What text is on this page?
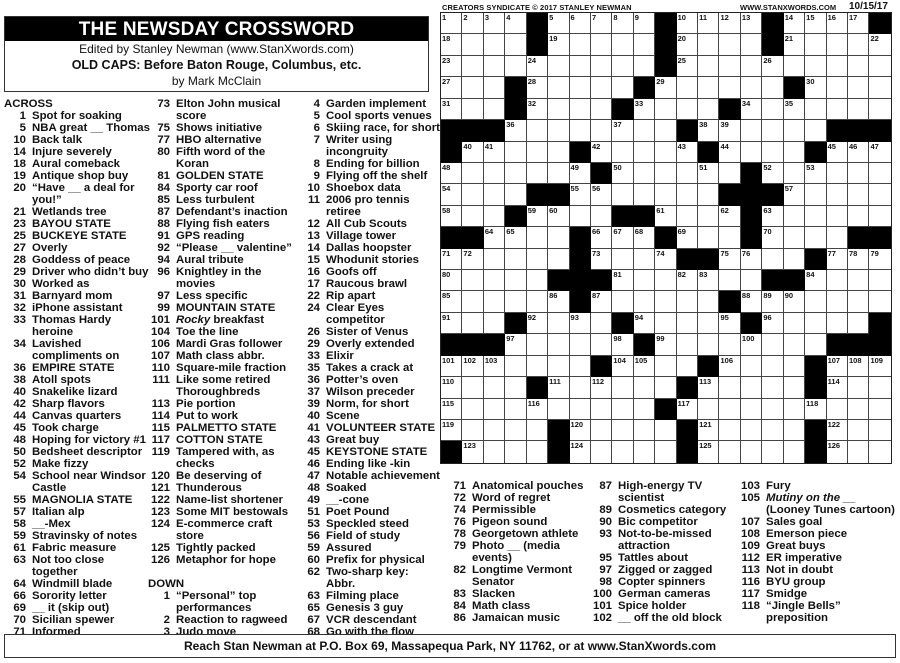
THE NEWSDAY CROSSWORD
Edited by Stanley Newman (www.StanXwords.com)
OLD CAPS: Before Baton Rouge, Columbus, etc.
by Mark McClain
CREATORS SYNDICATE © 2017 STANLEY NEWMAN	WWW.STANXWORDS.COM 10/15/17
1 2 3 4	5 6 7 8 9	10 11 12 13	14 15 16 17
18	19	20	21	22
23	24	25	26
27	28	29	30
31	32	33	34	35
36	37	38 39
40 41	42	43	44	45 46 47
48	49	50	51	52	53
54	55 56	57
58	59 60	61	62	63
64 65	66 67 68	69	70
71 72	73	74	75 76	77 78 79
80	81	82 83	84
85	86	87	88 89 90
91	92	93	94	95	96
97	98	99	100
101 102 103	104 105	106	107 108 109
110	111	112	113	114
115	116	117	118
119	120	121	122
123	124	125	126
ACROSS
1 Spot for soaking
5 NBA great __ Thomas
10 Back talk
14 Injure severely
18 Aural comeback
19 Antique shop buy
20 “Have __ a deal for you!”
21 Wetlands tree
23 BAYOU STATE
25 BUCKEYE STATE
27 Overly
28 Goddess of peace
29 Driver who didn’t buy
30 Worked as
31 Barnyard mom
32 iPhone assistant
33 Thomas Hardy heroine
34 Lavished compliments on
36 EMPIRE STATE
38 Atoll spots
40 Snakelike lizard
42 Sharp flavors
44 Canvas quarters
45 Took charge
48 Hoping for victory #1
50 Bedsheet descriptor
52 Make fizzy
54 School near Windsor Castle
55 MAGNOLIA STATE
57 Italian alp
58 __-Mex
59 Stravinsky of notes
61 Fabric measure
63 Not too close together
64 Windmill blade
66 Sorority letter
69 __ it (skip out)
70 Sicilian spewer
71 Informed
73 Elton John musical score
75 Shows initiative
77 HBO alternative
80 Fifth word of the Koran
81 GOLDEN STATE
84 Sporty car roof
85 Less turbulent
87 Defendant’s inaction
88 Flying fish eaters
91 GPS reading
92 “Please __ valentine”
94 Aural tribute
96 Knightley in the movies
97 Less specific
99 MOUNTAIN STATE
101 Rocky breakfast
104 Toe the line
106 Mardi Gras follower
107 Math class abbr.
110 Square-mile fraction
111 Like some retired Thoroughbreds
113 Pie portion
114 Put to work
115 PALMETTO STATE
117 COTTON STATE
119 Tampered with, as checks
120 Be deserving of
121 Thunderous
122 Name-list shortener
123 Some MIT bestowals
124 E-commerce craft store
125 Tightly packed
126 Metaphor for hope
DOWN
1 “Personal” top performances
2 Reaction to ragweed
3 Judo move
4 Garden implement
5 Cool sports venues
6 Skiing race, for short
7 Writer using incongruity
8 Ending for billion
9 Flying off the shelf
10 Shoebox data
11 2006 pro tennis retiree
12 All Cub Scouts
13 Village tower
14 Dallas hoopster
15 Whodunit stories
16 Goofs off
17 Raucous brawl
22 Rip apart
24 Clear Eyes competitor
26 Sister of Venus
29 Overly extended
33 Elixir
35 Takes a crack at
36 Potter’s oven
37 Wilson preceder
39 Norm, for short
40 Scene
41 VOLUNTEER STATE
43 Great buy
45 KEYSTONE STATE
46 Ending like -kin
47 Notable achievement
48 Soaked
49 __-cone
51 Poet Pound
53 Speckled steed
56 Field of study
59 Assured
60 Prefix for physical
62 Two-sharp key: Abbr.
63 Filming place
65 Genesis 3 guy
67 VCR descendant
68 Go with the flow
71 Anatomical pouches
72 Word of regret
74 Permissible
76 Pigeon sound
78 Georgetown athlete
79 Photo __ (media events)
82 Longtime Vermont Senator
83 Slacken
84 Math class
86 Jamaican music
87 High-energy TV scientist
89 Cosmetics category
90 Bic competitor
93 Not-to-be-missed attraction
95 Tattles about
97 Zigged or zagged
98 Copter spinners
100 German cameras
101 Spice holder
102 __ off the old block
103 Fury
105 Mutiny on the __ (Looney Tunes cartoon)
107 Sales goal
108 Emerson piece
109 Great buys
112 ER imperative
113 Not in doubt
116 BYU group
117 Smidge
118 “Jingle Bells” preposition
Reach Stan Newman at P.O. Box 69, Massapequa Park, NY 11762, or at www.StanXwords.com
